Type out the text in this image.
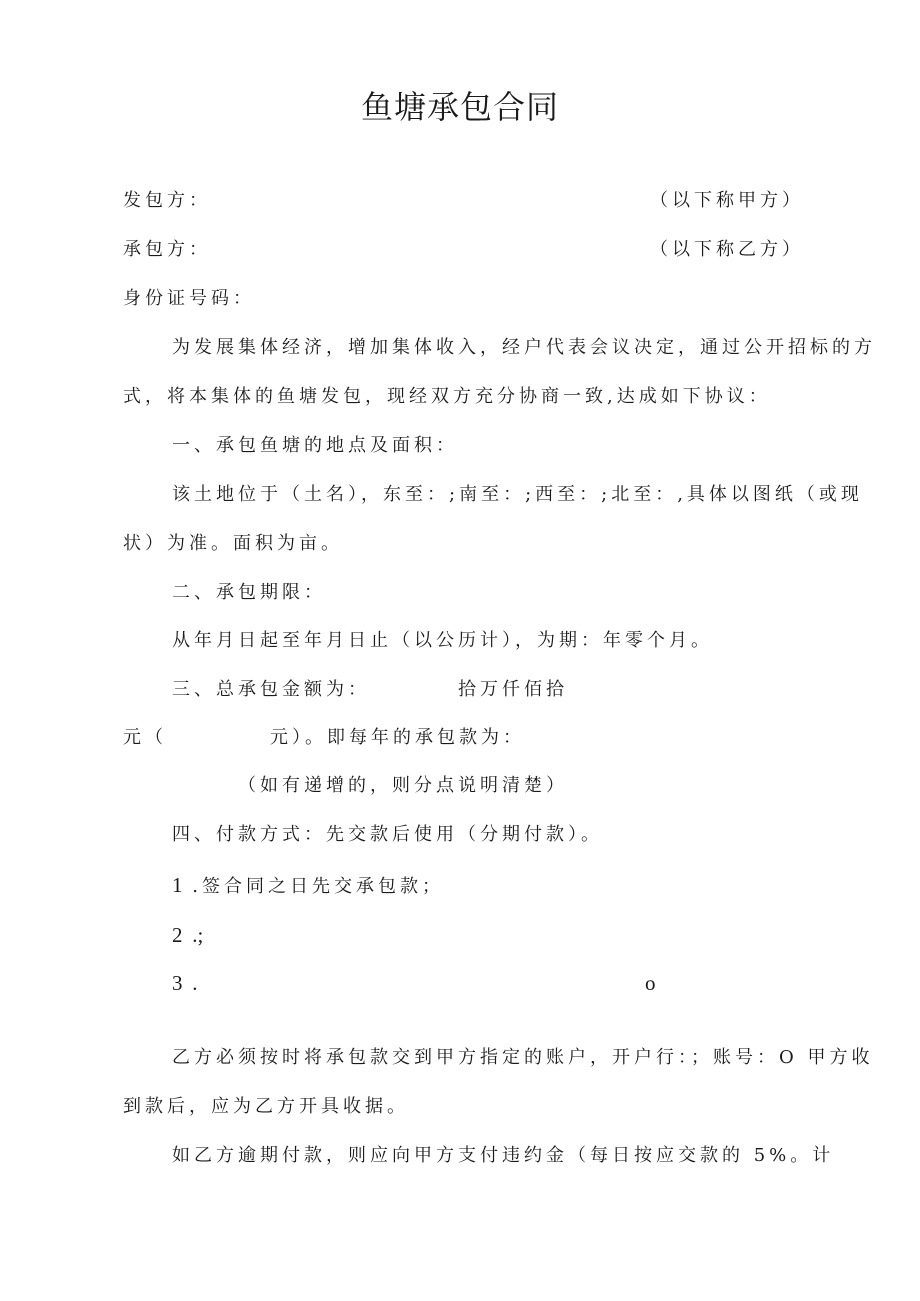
鱼塘承包合同
发包方：	（以下称甲方）
承包方：	（以下称乙方）
身份证号码：
为发展集体经济，增加集体收入，经户代表会议决定，通过公开招标的方
式，将本集体的鱼塘发包，现经双方充分协商一致,达成如下协议：
一、承包鱼塘的地点及面积：
该土地位于（土名），东至：;南至：;西至：;北至：,具体以图纸（或现
状）为准。面积为亩。
二、承包期限：
从年月日起至年月日止（以公历计），为期：年零个月。
三、总承包金额为：	拾万仟佰拾
元（	元）。即每年的承包款为：
（如有递增的，则分点说明清楚）
四、付款方式：先交款后使用（分期付款）。
1 .签合同之日先交承包款；
2 .;
3 .	o
乙方必须按时将承包款交到甲方指定的账户，开户行：；账号：O 甲方收
到款后，应为乙方开具收据。
如乙方逾期付款，则应向甲方支付违约金（每日按应交款的 5%。计
